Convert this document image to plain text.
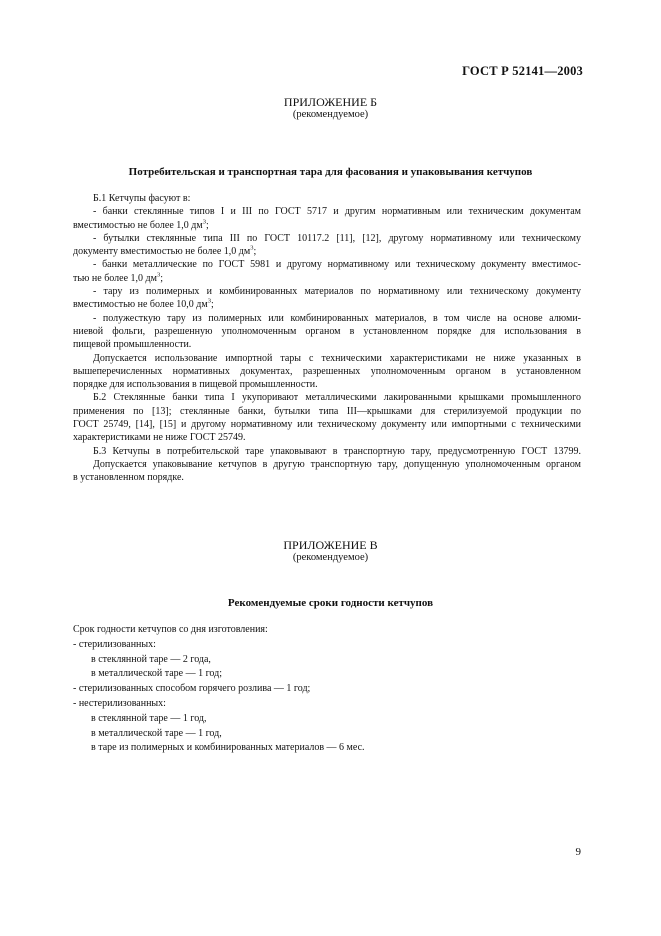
ГОСТ Р 52141—2003
ПРИЛОЖЕНИЕ Б
(рекомендуемое)
Потребительская и транспортная тара для фасования и упаковывания кетчупов
Б.1 Кетчупы фасуют в:
- банки стеклянные типов I и III по ГОСТ 5717 и другим нормативным или техническим документам
вместимостью не более 1,0 $дм^3$;
- бутылки стеклянные типа III по ГОСТ 10117.2 [11], [12], другому нормативному или техническому
документу вместимостью не более 1,0 $дм^3$;
- банки металлические по ГОСТ 5981 и другому нормативному или техническому документу вместимос-
тью не более 1,0 $дм^3$;
- тару из полимерных и комбинированных материалов по нормативному или техническому документу
вместимостью не более 10,0 $дм^3$;
- полужесткую тару из полимерных или комбинированных материалов, в том числе на основе алюми-
ниевой фольги, разрешенную уполномоченным органом в установленном порядке для использования в
пищевой промышленности.
Допускается использование импортной тары с техническими характеристиками не ниже указанных в
вышеперечисленных нормативных документах, разрешенных уполномоченным органом в установленном
порядке для использования в пищевой промышленности.
Б.2 Стеклянные банки типа I укупоривают металлическими лакированными крышками промышленного
применения по [13]; стеклянные банки, бутылки типа III—крышками для стерилизуемой продукции по
ГОСТ 25749, [14], [15] и другому нормативному или техническому документу или импортными с техническими
характеристиками не ниже ГОСТ 25749.
Б.3 Кетчупы в потребительской таре упаковывают в транспортную тару, предусмотренную ГОСТ 13799.
Допускается упаковывание кетчупов в другую транспортную тару, допущенную уполномоченным органом
в установленном порядке.
ПРИЛОЖЕНИЕ В
(рекомендуемое)
Рекомендуемые сроки годности кетчупов
Срок годности кетчупов со дня изготовления:
- стерилизованных:
в стеклянной таре — 2 года,
в металлической таре — 1 год;
- стерилизованных способом горячего розлива — 1 год;
- нестерилизованных:
в стеклянной таре — 1 год,
в металлической таре — 1 год,
в таре из полимерных и комбинированных материалов — 6 мес.
9
